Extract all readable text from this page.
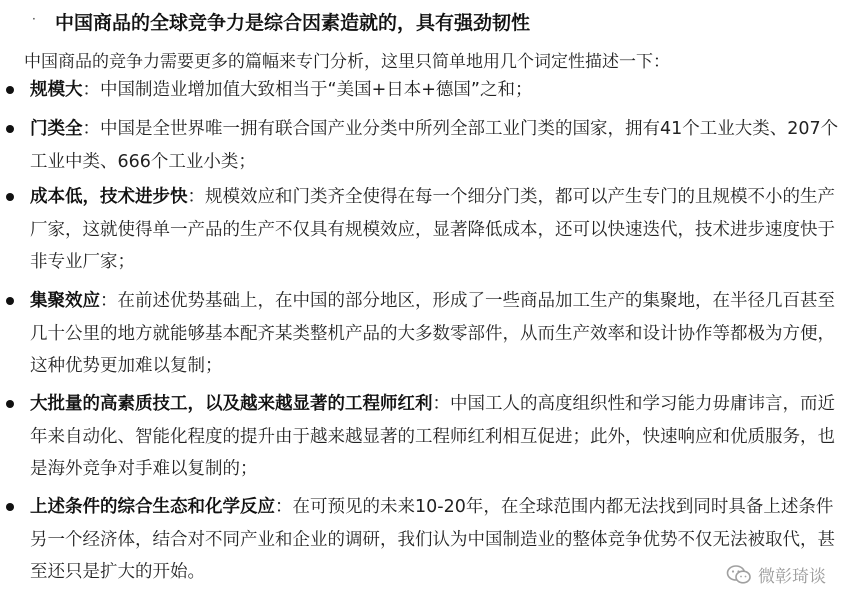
· 中国商品的全球竞争力是综合因素造就的，具有强劲韧性
中国商品的竞争力需要更多的篇幅来专门分析，这里只简单地用几个词定性描述一下：
规模大：中国制造业增加值大致相当于“美国+日本+德国”之和；
门类全：中国是全世界唯一拥有联合国产业分类中所列全部工业门类的国家，拥有41个工业大类、207个工业中类、666个工业小类；
成本低，技术进步快：规模效应和门类齐全使得在每一个细分门类，都可以产生专门的且规模不小的生产厂家，这就使得单一产品的生产不仅具有规模效应，显著降低成本，还可以快速迭代，技术进步速度快于非专业厂家；
集聚效应：在前述优势基础上，在中国的部分地区，形成了一些商品加工生产的集聚地，在半径几百甚至几十公里的地方就能够基本配齐某类整机产品的大多数零部件，从而生产效率和设计协作等都极为方便，这种优势更加难以复制；
大批量的高素质技工，以及越来越显著的工程师红利：中国工人的高度组织性和学习能力毋庸讳言，而近年来自动化、智能化程度的提升由于越来越显著的工程师红利相互促进；此外，快速响应和优质服务，也是海外竞争对手难以复制的；
上述条件的综合生态和化学反应：在可预见的未来10-20年，在全球范围内都无法找到同时具备上述条件另一个经济体，结合对不同产业和企业的调研，我们认为中国制造业的整体竞争优势不仅无法被取代，甚至还只是扩大的开始。	微彰琦谈
